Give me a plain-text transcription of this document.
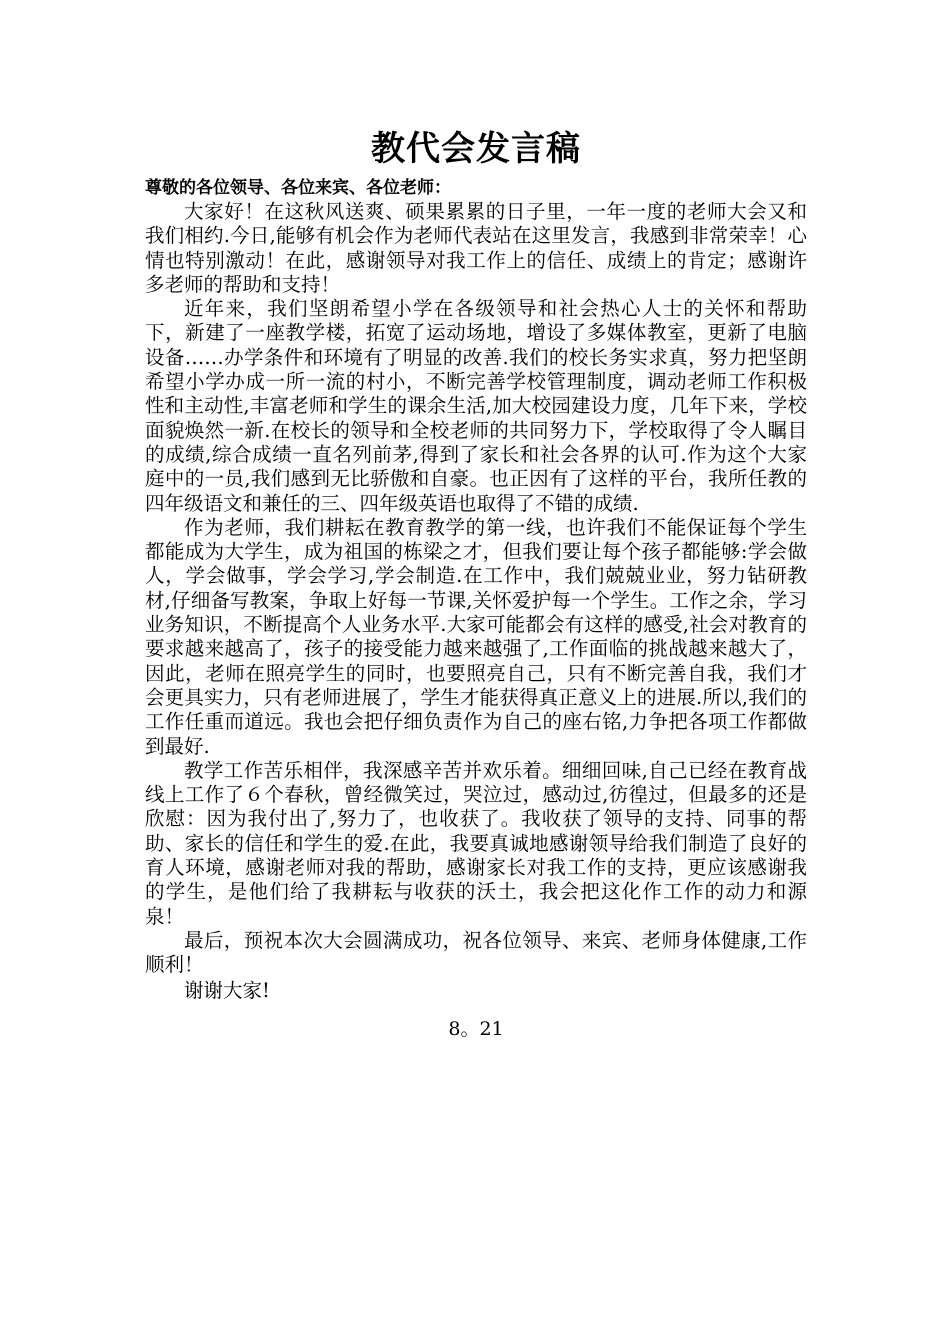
教代会发言稿

尊敬的各位领导、各位来宾、各位老师：

大家好！在这秋风送爽、硕果累累的日子里，一年一度的老师大会又和我们相约.今日,能够有机会作为老师代表站在这里发言，我感到非常荣幸！心情也特别激动！在此，感谢领导对我工作上的信任、成绩上的肯定；感谢许多老师的帮助和支持！

近年来，我们坚朗希望小学在各级领导和社会热心人士的关怀和帮助下，新建了一座教学楼，拓宽了运动场地，增设了多媒体教室，更新了电脑设备……办学条件和环境有了明显的改善.我们的校长务实求真，努力把坚朗希望小学办成一所一流的村小，不断完善学校管理制度，调动老师工作积极性和主动性,丰富老师和学生的课余生活,加大校园建设力度，几年下来，学校面貌焕然一新.在校长的领导和全校老师的共同努力下，学校取得了令人瞩目的成绩,综合成绩一直名列前茅,得到了家长和社会各界的认可.作为这个大家庭中的一员,我们感到无比骄傲和自豪。也正因有了这样的平台，我所任教的四年级语文和兼任的三、四年级英语也取得了不错的成绩.

作为老师，我们耕耘在教育教学的第一线，也许我们不能保证每个学生都能成为大学生，成为祖国的栋梁之才，但我们要让每个孩子都能够:学会做人，学会做事，学会学习,学会制造.在工作中，我们兢兢业业，努力钻研教材,仔细备写教案，争取上好每一节课,关怀爱护每一个学生。工作之余，学习业务知识，不断提高个人业务水平.大家可能都会有这样的感受,社会对教育的要求越来越高了，孩子的接受能力越来越强了,工作面临的挑战越来越大了，因此，老师在照亮学生的同时，也要照亮自己，只有不断完善自我，我们才会更具实力，只有老师进展了，学生才能获得真正意义上的进展.所以,我们的工作任重而道远。我也会把仔细负责作为自己的座右铭,力争把各项工作都做到最好.

教学工作苦乐相伴，我深感辛苦并欢乐着。细细回味,自己已经在教育战线上工作了６个春秋，曾经微笑过，哭泣过，感动过,彷徨过，但最多的还是欣慰：因为我付出了,努力了，也收获了。我收获了领导的支持、同事的帮助、家长的信任和学生的爱.在此，我要真诚地感谢领导给我们制造了良好的育人环境，感谢老师对我的帮助，感谢家长对我工作的支持，更应该感谢我的学生，是他们给了我耕耘与收获的沃土，我会把这化作工作的动力和源泉！

最后，预祝本次大会圆满成功，祝各位领导、来宾、老师身体健康,工作顺利！

谢谢大家!

8。21
